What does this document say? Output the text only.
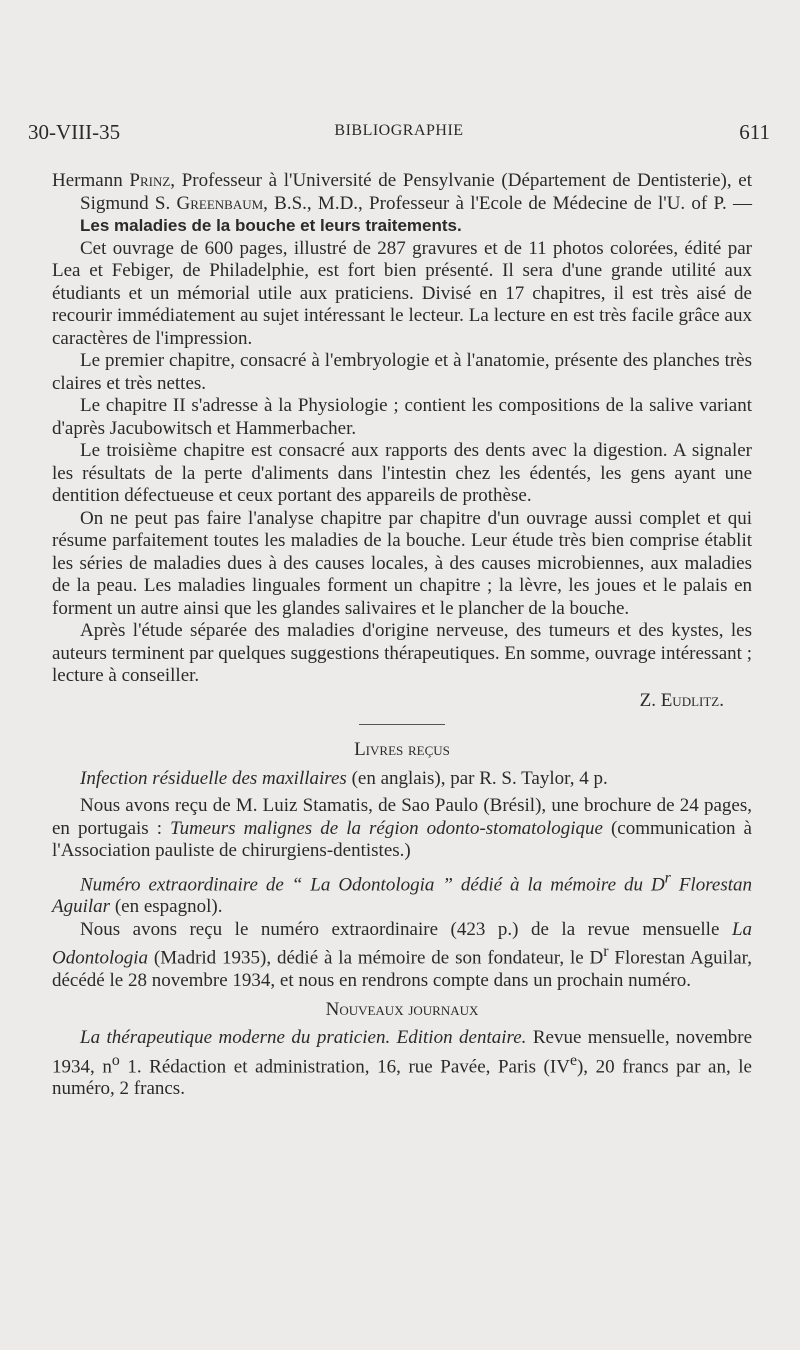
30-VIII-35	BIBLIOGRAPHIE	611

Hermann Prinz, Professeur à l'Université de Pensylvanie (Département de Dentisterie), et Sigmund S. Greenbaum, B.S., M.D., Professeur à l'Ecole de Médecine de l'U. of P. — Les maladies de la bouche et leurs traitements.

Cet ouvrage de 600 pages, illustré de 287 gravures et de 11 photos colorées, édité par Lea et Febiger, de Philadelphie, est fort bien présenté. Il sera d'une grande utilité aux étudiants et un mémorial utile aux praticiens. Divisé en 17 chapitres, il est très aisé de recourir immédiatement au sujet intéressant le lecteur. La lecture en est très facile grâce aux caractères de l'impression.

Le premier chapitre, consacré à l'embryologie et à l'anatomie, présente des planches très claires et très nettes.

Le chapitre II s'adresse à la Physiologie ; contient les compositions de la salive variant d'après Jacubowitsch et Hammerbacher.

Le troisième chapitre est consacré aux rapports des dents avec la digestion. A signaler les résultats de la perte d'aliments dans l'intestin chez les édentés, les gens ayant une dentition défectueuse et ceux portant des appareils de prothèse.

On ne peut pas faire l'analyse chapitre par chapitre d'un ouvrage aussi complet et qui résume parfaitement toutes les maladies de la bouche. Leur étude très bien comprise établit les séries de maladies dues à des causes locales, à des causes microbiennes, aux maladies de la peau. Les maladies linguales forment un chapitre ; la lèvre, les joues et le palais en forment un autre ainsi que les glandes salivaires et le plancher de la bouche.

Après l'étude séparée des maladies d'origine nerveuse, des tumeurs et des kystes, les auteurs terminent par quelques suggestions thérapeutiques. En somme, ouvrage intéressant ; lecture à conseiller.

Z. Eudlitz.

Livres reçus

Infection résiduelle des maxillaires (en anglais), par R. S. Taylor, 4 p.

Nous avons reçu de M. Luiz Stamatis, de Sao Paulo (Brésil), une brochure de 24 pages, en portugais : Tumeurs malignes de la région odonto-stomatologique (communication à l'Association pauliste de chirurgiens-dentistes.)

Numéro extraordinaire de “ La Odontologia ” dédié à la mémoire du $D^r$ Florestan Aguilar (en espagnol).

Nous avons reçu le numéro extraordinaire (423 p.) de la revue mensuelle La Odontologia (Madrid 1935), dédié à la mémoire de son fondateur, le $D^r$ Florestan Aguilar, décédé le 28 novembre 1934, et nous en rendrons compte dans un prochain numéro.

Nouveaux journaux

La thérapeutique moderne du praticien. Edition dentaire. Revue mensuelle, novembre 1934, $n^o$ 1. Rédaction et administration, 16, rue Pavée, Paris (IVe), 20 francs par an, le numéro, 2 francs.
